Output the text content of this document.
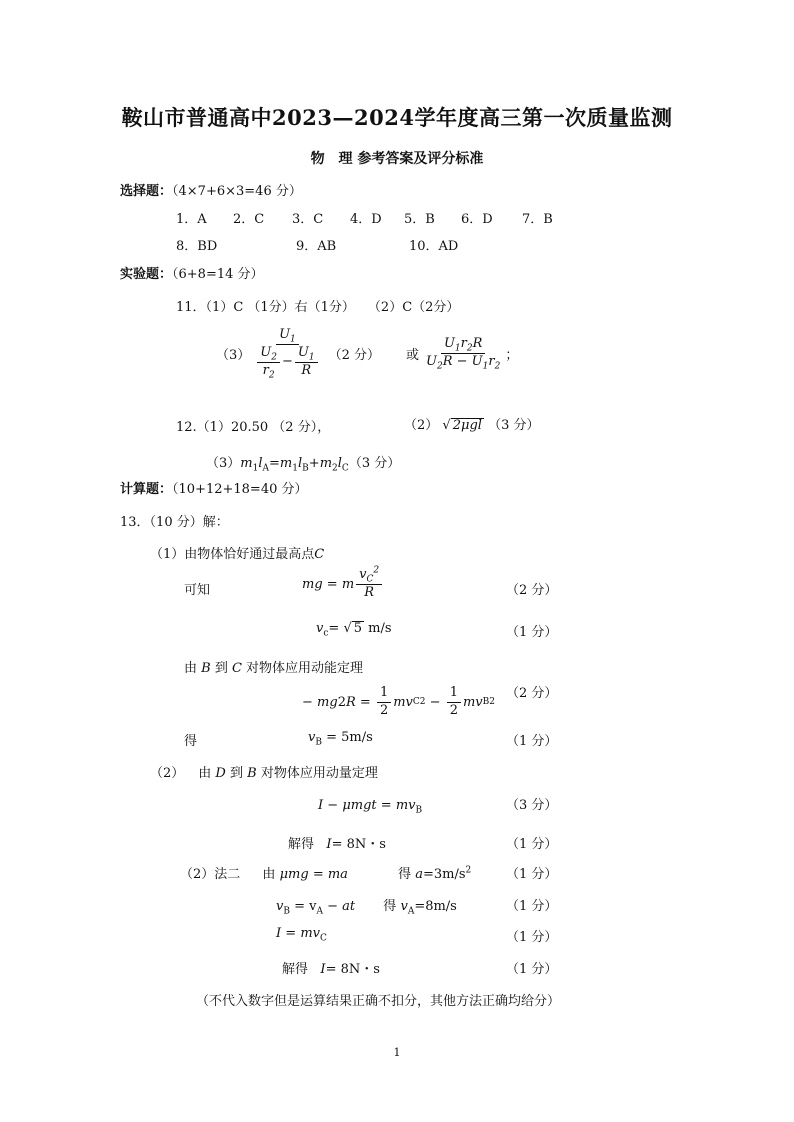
鞍山市普通高中2023—2024学年度高三第一次质量监测
物　理 参考答案及评分标准
选择题：（4×7+6×3=46 分）
1．A 2．C 3．C 4．D 5．B 6．D 7．B
8．BD	9．AB	10．AD
实验题：（6+8=14 分）
11．（1）C （1分）右（1分）　　（2）C（2分）
$(3) \frac{U_1}{\frac{U_2}{r_2} - \frac{U_1}{R}} (2$ 分） 或 $\frac{U_1r_2R}{U_2R - U_1r_2}$ ；
12.（1）20.50 （2 分），	（2） √ 2μgl （3 分）
$(3)m_1l_A=m_1l_B+m_2l_C(3$ 分）
计算题：（10+12+18=40 分）
13．（10 分）解：
（1）由物体恰好通过最高点C
可知	mg = m $\frac{v_C^2}{R}$	（2 分）
$v_c=$ √ 5 m/s	（1 分）
由 B 到 C 对物体应用动能定理
− mg 2 $R = \frac{1}{2}$ mv C $2 - \frac{1}{2}$ mv B 2
（2 分）
得	$v_B = 5m/s$	（1 分）
（2） 由 D 到 B 对物体应用动量定理
$I - \mu mgt = mv_B$	（3 分）
解得 I= 8N・s	（1 分）
（2）法二 由 μmg = ma	得 $a=3m/s^2$	（1 分）
$v_B = v_A$ − at 得 $v_A=8m/s$	（1 分）
$I = mv_C$	（1 分）
解得 I= 8N・s	（1 分）
（不代入数字但是运算结果正确不扣分，其他方法正确均给分）
1
